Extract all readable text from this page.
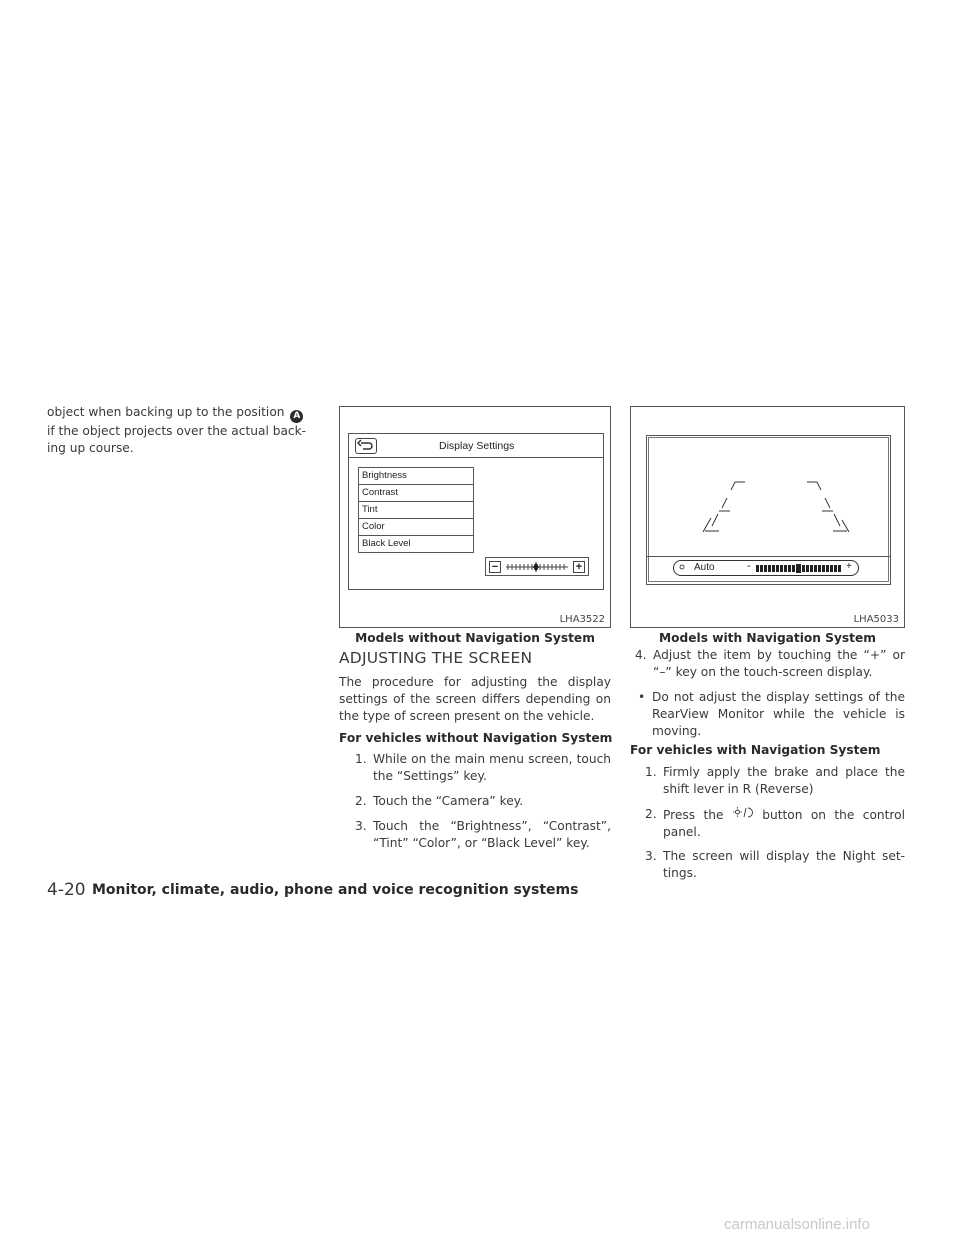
object when backing up to the position A
if the object projects over the actual back-
ing up course.	Display Settings
Brightness
Contrast
Tint
Color
Black Level
−	+
LHA3522
Models without Navigation System
Auto	-	+
LHA5033
Models with Navigation System
ADJUSTING THE SCREEN
The procedure for adjusting the display settings of the screen differs depending on the type of screen present on the vehicle.
For vehicles without Navigation System
1. While on the main menu screen, touch the “Settings” key.
2. Touch the “Camera” key.
3. Touch the “Brightness”, “Contrast”, “Tint” “Color”, or “Black Level” key.
4. Adjust the item by touching the “+” or “–” key on the touch-screen display.
• Do not adjust the display settings of the RearView Monitor while the vehicle is moving.
For vehicles with Navigation System
1. Firmly apply the brake and place the shift lever in R (Reverse)
2. Press the	button on the control panel.
3. The screen will display the Night set- tings.
4-20 Monitor, climate, audio, phone and voice recognition systems
carmanualsonline.info
